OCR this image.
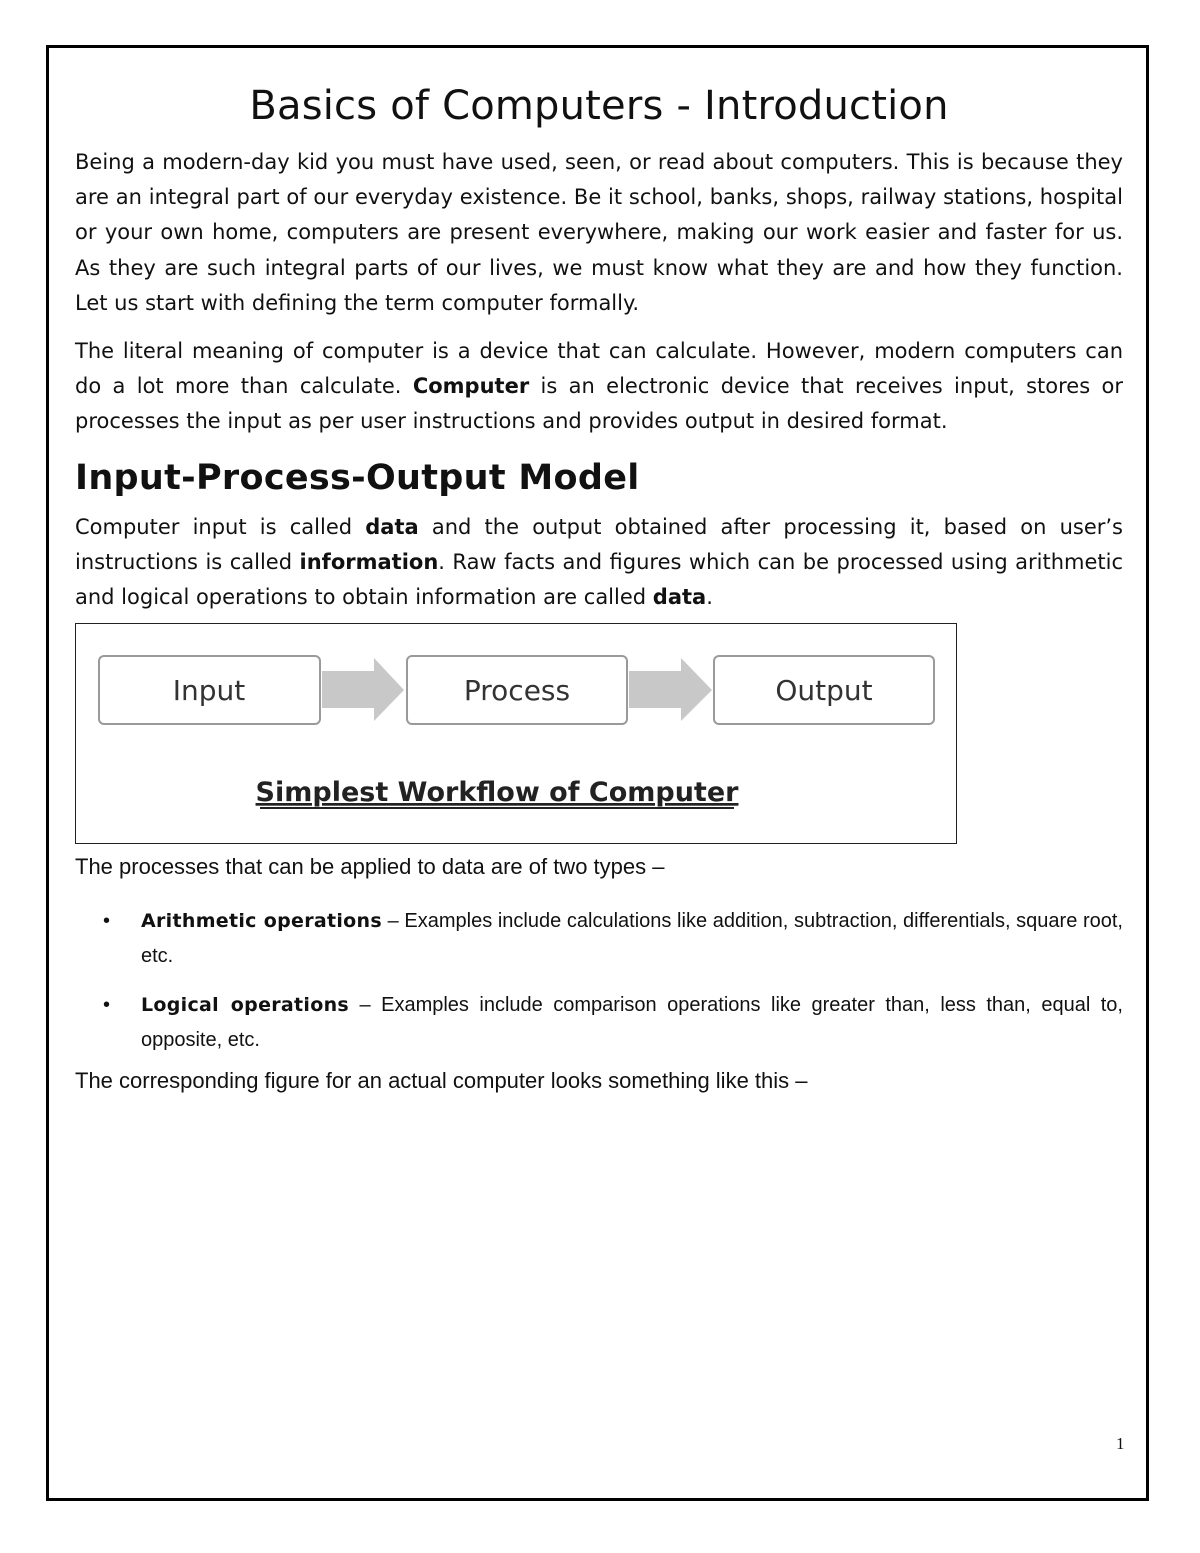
Basics of Computers - Introduction

Being a modern-day kid you must have used, seen, or read about computers. This is because they are an integral part of our everyday existence. Be it school, banks, shops, railway stations, hospital or your own home, computers are present everywhere, making our work easier and faster for us. As they are such integral parts of our lives, we must know what they are and how they function. Let us start with defining the term computer formally.

The literal meaning of computer is a device that can calculate. However, modern computers can do a lot more than calculate. Computer is an electronic device that receives input, stores or processes the input as per user instructions and provides output in desired format.

Input-Process-Output Model

Computer input is called data and the output obtained after processing it, based on user’s instructions is called information. Raw facts and figures which can be processed using arithmetic and logical operations to obtain information are called data.

Input	Process	Output
Simplest Workflow of Computer

The processes that can be applied to data are of two types –

• Arithmetic operations – Examples include calculations like addition, subtraction, differentials, square root, etc.
• Logical operations – Examples include comparison operations like greater than, less than, equal to, opposite, etc.

The corresponding figure for an actual computer looks something like this –

1
